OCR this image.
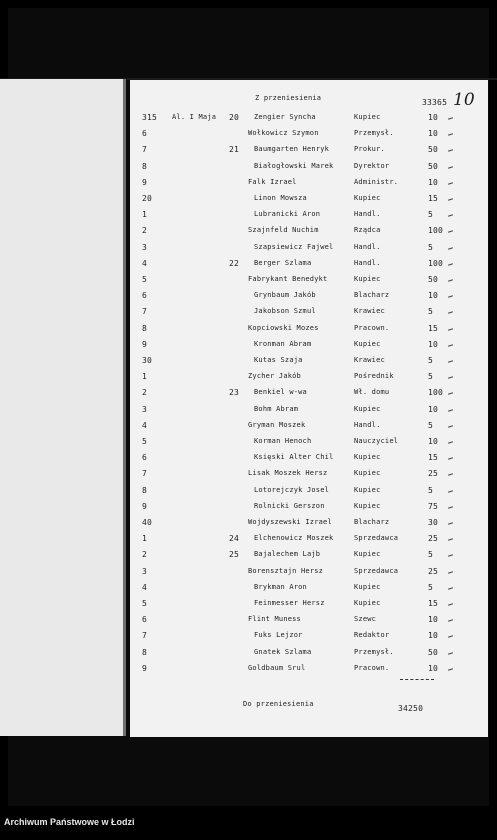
Z przeniesienia	33365 10
315 Al. I Maja 20 Zengier Syncha	Kupiec	10
6	Wołkowicz Szymon	Przemysł.	10
7	21 Baumgarten Henryk	Prokur.	50
8	Białogłowski Marek	Dyrektor	50
9	Falk Izrael	Administr.	10
20	Linon Mowsza	Kupiec	15
1	Lubranicki Aron	Handl.	5
2	Szajnfeld Nuchim	Rządca	100
3	Szapsiewicz Fajwel	Handl.	5
4	22 Berger Szlama	Handl.	100
5	Fabrykant Benedykt	Kupiec	50
6	Grynbaum Jakób	Blacharz	10
7	Jakobson Szmul	Krawiec	5
8	Kopciowski Mozes	Pracown.	15
9	Kronman Abram	Kupiec	10
30	Kutas Szaja	Krawiec	5
1	Zycher Jakób	Pośrednik	5
2	23 Benkiel w-wa	Wł. domu	100
3	Bohm Abram	Kupiec	10
4	Gryman Moszek	Handl.	5
5	Korman Henoch	Nauczyciel	10
6	Księski Alter Chil	Kupiec	15
7	Lisak Moszek Hersz	Kupiec	25
8	Lotorejczyk Josel	Kupiec	5
9	Rolnicki Gerszon	Kupiec	75
40	Wojdyszewski Izrael	Blacharz	30
1	24 Elchenowicz Moszek	Sprzedawca	25
2	25 Bajalechem Lajb	Kupiec	5
3	Borensztajn Hersz	Sprzedawca	25
4	Brykman Aron	Kupiec	5
5	Feinmesser Hersz	Kupiec	15
6	Flint Muness	Szewc	10
7	Fuks Lejzor	Redaktor	10
8	Gnatek Szlama	Przemysł.	50
9	Goldbaum Srul	Pracown.	10
Do przeniesienia	34250
Archiwum Państwowe w Łodzi
